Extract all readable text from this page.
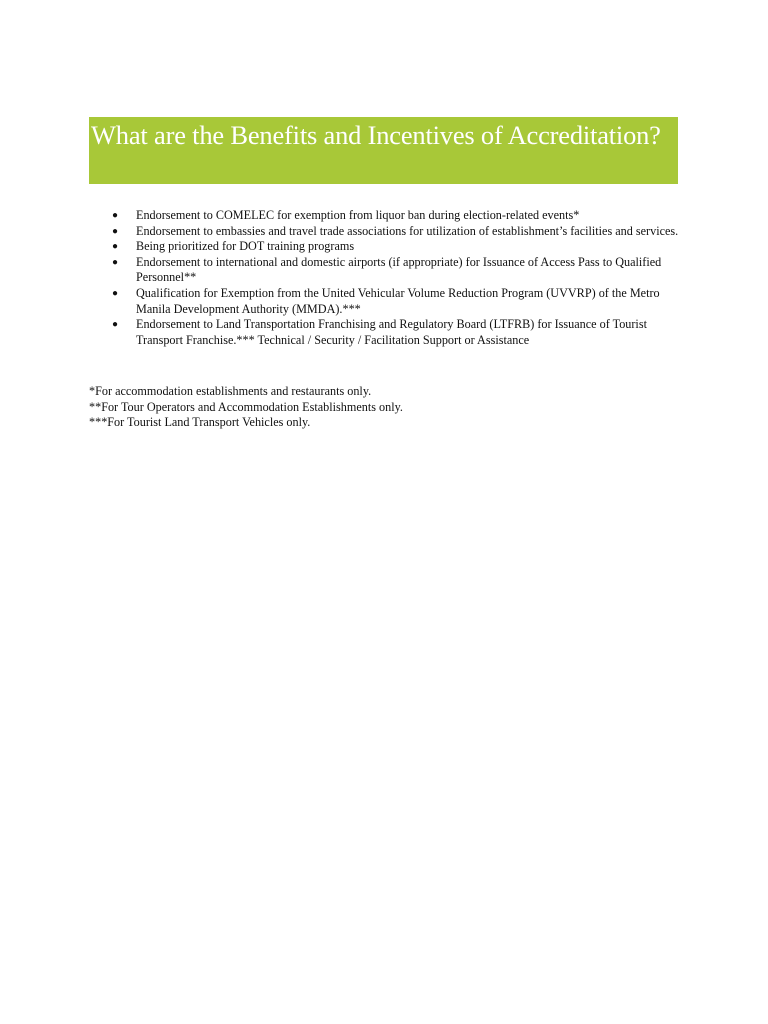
What are the Benefits and Incentives of Accreditation?
● Endorsement to COMELEC for exemption from liquor ban during election-related events*
● Endorsement to embassies and travel trade associations for utilization of establishment’s facilities and services.
● Being prioritized for DOT training programs
● Endorsement to international and domestic airports (if appropriate) for Issuance of Access Pass to Qualified Personnel**
● Qualification for Exemption from the United Vehicular Volume Reduction Program (UVVRP) of the Metro Manila Development Authority (MMDA).***
● Endorsement to Land Transportation Franchising and Regulatory Board (LTFRB) for Issuance of Tourist Transport Franchise.*** Technical / Security / Facilitation Support or Assistance
*For accommodation establishments and restaurants only.
**For Tour Operators and Accommodation Establishments only.
***For Tourist Land Transport Vehicles only.
